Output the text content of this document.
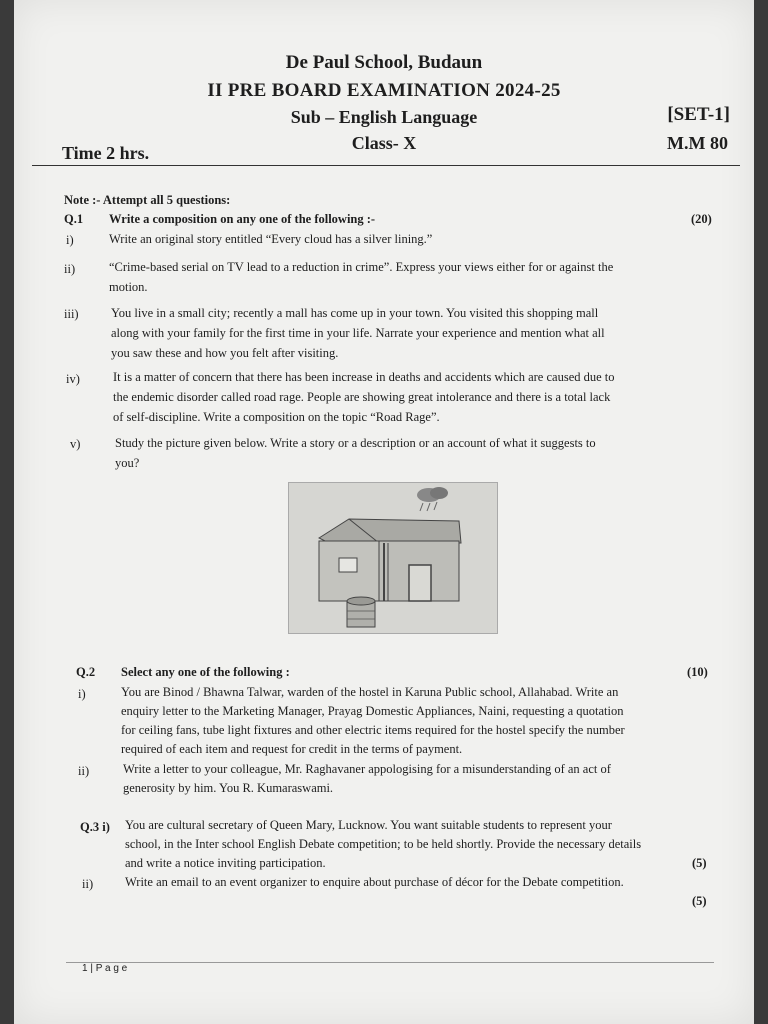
De Paul School, Budaun
II PRE BOARD EXAMINATION 2024-25
Sub – English Language
Class- X
[SET-1]
M.M 80
Time 2 hrs.
Note :- Attempt all 5 questions:
Q.1 Write a composition on any one of the following :-	(20)
i)	Write an original story entitled “Every cloud has a silver lining.”
ii)	“Crime-based serial on TV lead to a reduction in crime”. Express your views either for or against the
motion.
iii)	You live in a small city; recently a mall has come up in your town. You visited this shopping mall
along with your family for the first time in your life. Narrate your experience and mention what all
you saw these and how you felt after visiting.
iv)	It is a matter of concern that there has been increase in deaths and accidents which are caused due to
the endemic disorder called road rage. People are showing great intolerance and there is a total lack
of self-discipline. Write a composition on the topic “Road Rage”.
v)	Study the picture given below. Write a story or a description or an account of what it suggests to
you?
Q.2 Select any one of the following :	(10)
i)	You are Binod / Bhawna Talwar, warden of the hostel in Karuna Public school, Allahabad. Write an
enquiry letter to the Marketing Manager, Prayag Domestic Appliances, Naini, requesting a quotation
for ceiling fans, tube light fixtures and other electric items required for the hostel specify the number
required of each item and request for credit in the terms of payment.
ii)	Write a letter to your colleague, Mr. Raghavaner appologising for a misunderstanding of an act of
generosity by him. You R. Kumaraswami.
Q.3 i) You are cultural secretary of Queen Mary, Lucknow. You want suitable students to represent your
school, in the Inter school English Debate competition; to be held shortly. Provide the necessary details
and write a notice inviting participation.	(5)
ii)	Write an email to an event organizer to enquire about purchase of décor for the Debate competition.
(5)
1 | P a g e
